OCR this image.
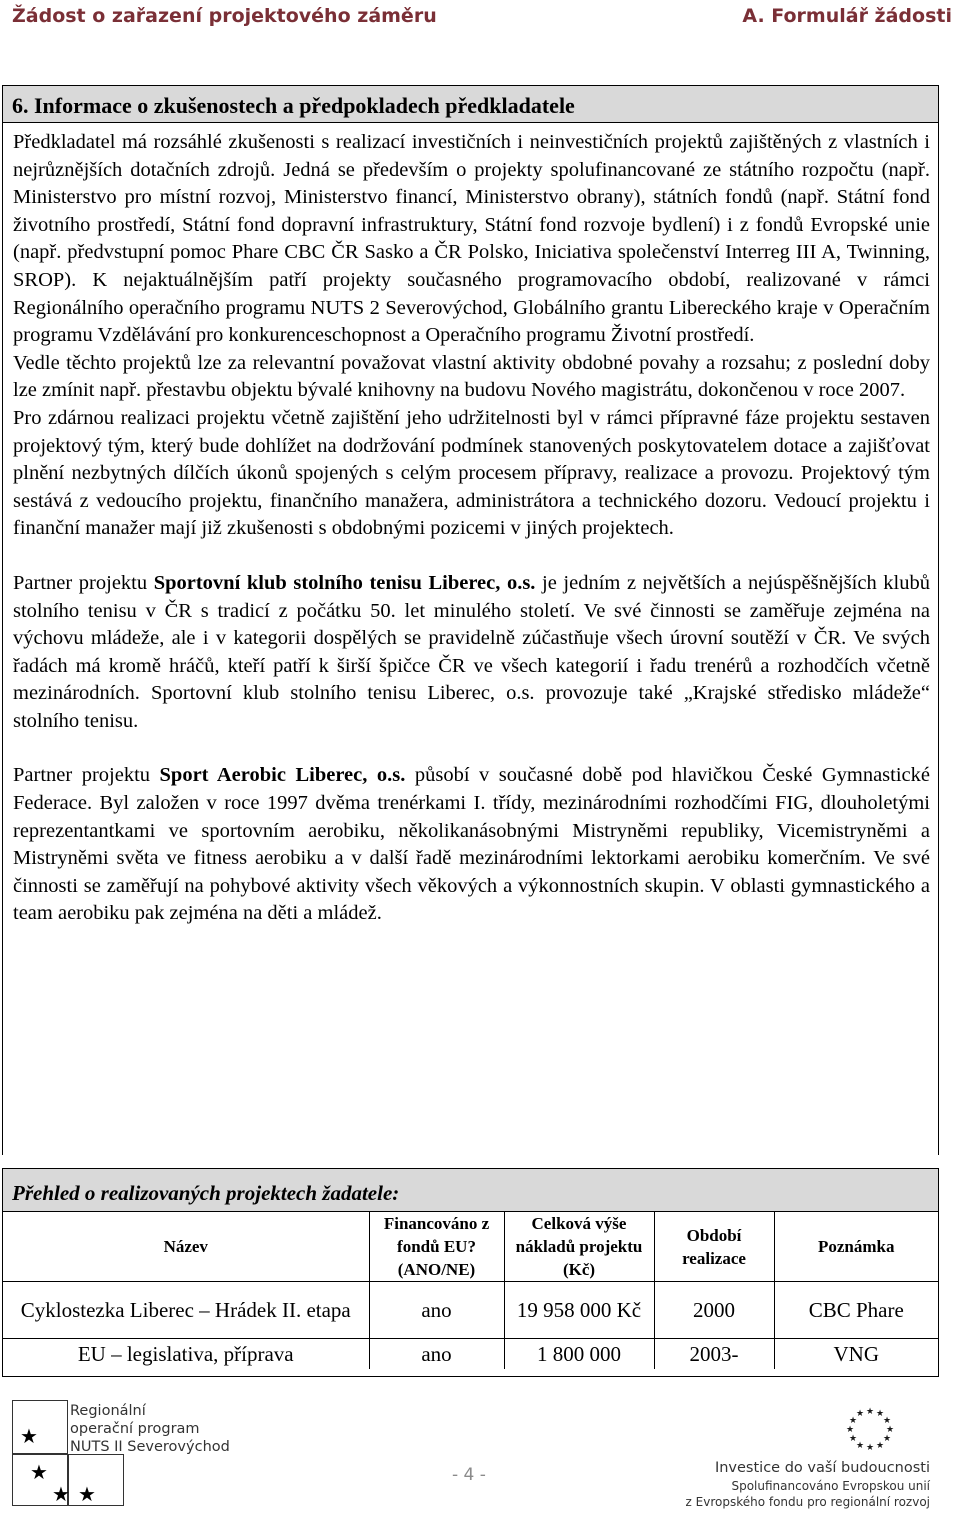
Žádost o zařazení projektového záměru	A. Formulář žádosti
6. Informace o zkušenostech a předpokladech předkladatele

Předkladatel má rozsáhlé zkušenosti s realizací investičních i neinvestičních projektů zajištěných z vlastních i nejrůznějších dotačních zdrojů. Jedná se především o projekty spolufinancované ze státního rozpočtu (např. Ministerstvo pro místní rozvoj, Ministerstvo financí, Ministerstvo obrany), státních fondů (např. Státní fond životního prostředí, Státní fond dopravní infrastruktury, Státní fond rozvoje bydlení) i z fondů Evropské unie (např. předvstupní pomoc Phare CBC ČR Sasko a ČR Polsko, Iniciativa společenství Interreg III A, Twinning, SROP). K nejaktuálnějším patří projekty současného programovacího období, realizované v rámci Regionálního operačního programu NUTS 2 Severovýchod, Globálního grantu Libereckého kraje v Operačním programu Vzdělávání pro konkurenceschopnost a Operačního programu Životní prostředí.

Vedle těchto projektů lze za relevantní považovat vlastní aktivity obdobné povahy a rozsahu; z poslední doby lze zmínit např. přestavbu objektu bývalé knihovny na budovu Nového magistrátu, dokončenou v roce 2007.

Pro zdárnou realizaci projektu včetně zajištění jeho udržitelnosti byl v rámci přípravné fáze projektu sestaven projektový tým, který bude dohlížet na dodržování podmínek stanovených poskytovatelem dotace a zajišťovat plnění nezbytných dílčích úkonů spojených s celým procesem přípravy, realizace a provozu. Projektový tým sestává z vedoucího projektu, finančního manažera, administrátora a technického dozoru. Vedoucí projektu i finanční manažer mají již zkušenosti s obdobnými pozicemi v jiných projektech.

Partner projektu Sportovní klub stolního tenisu Liberec, o.s. je jedním z největších a nejúspěšnějších klubů stolního tenisu v ČR s tradicí z počátku 50. let minulého století. Ve své činnosti se zaměřuje zejména na výchovu mládeže, ale i v kategorii dospělých se pravidelně zúčastňuje všech úrovní soutěží v ČR. Ve svých řadách má kromě hráčů, kteří patří k širší špičce ČR ve všech kategorií i řadu trenérů a rozhodčích včetně mezinárodních. Sportovní klub stolního tenisu Liberec, o.s. provozuje také „Krajské středisko mládeže“ stolního tenisu.

Partner projektu Sport Aerobic Liberec, o.s. působí v současné době pod hlavičkou České Gymnastické Federace. Byl založen v roce 1997 dvěma trenérkami I. třídy, mezinárodními rozhodčími FIG, dlouholetými reprezentantkami ve sportovním aerobiku, několikanásobnými Mistryněmi republiky, Vicemistryněmi a Mistryněmi světa ve fitness aerobiku a v další řadě mezinárodními lektorkami aerobiku komerčním. Ve své činnosti se zaměřují na pohybové aktivity všech věkových a výkonnostních skupin. V oblasti gymnastického a team aerobiku pak zejména na děti a mládež.

Přehled o realizovaných projektech žadatele:
Název	Financováno z fondů EU? (ANO/NE)	Celková výše nákladů projektu (Kč)	Období realizace	Poznámka
Cyklostezka Liberec – Hrádek II. etapa	ano	19 958 000 Kč	2000	CBC Phare
EU – legislativa, příprava	ano	1 800 000	2003-	VNG
★
★
★ ★
Regionální
operační program
NUTS II Severovýchod
- 4 -
★ ★
★
★
★
★
★
★
★
★
★
★
Investice do vaší budoucnosti
Spolufinancováno Evropskou unií
z Evropského fondu pro regionální rozvoj
